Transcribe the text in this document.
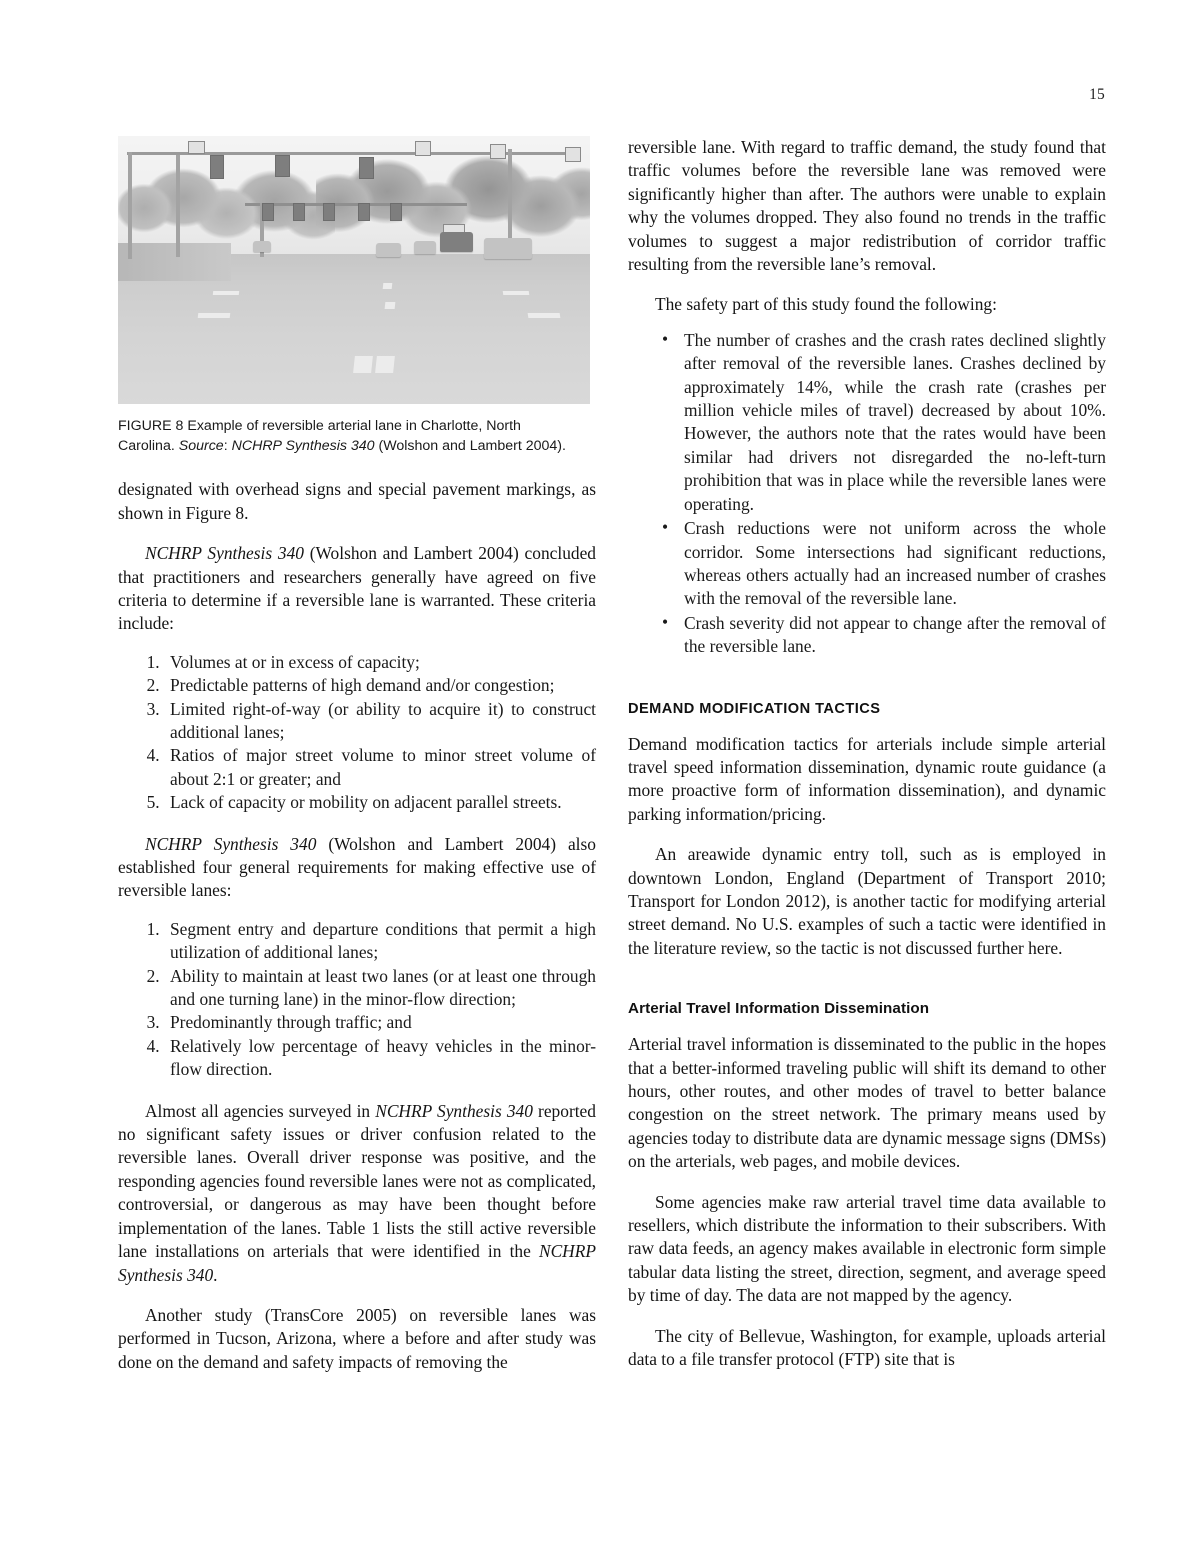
15
FIGURE 8 Example of reversible arterial lane in Charlotte, North Carolina. Source: NCHRP Synthesis 340 (Wolshon and Lambert 2004).

designated with overhead signs and special pavement markings, as shown in Figure 8.

NCHRP Synthesis 340 (Wolshon and Lambert 2004) concluded that practitioners and researchers generally have agreed on five criteria to determine if a reversible lane is warranted. These criteria include:

1. Volumes at or in excess of capacity;
2. Predictable patterns of high demand and/or congestion;
3. Limited right-of-way (or ability to acquire it) to construct additional lanes;
4. Ratios of major street volume to minor street volume of about 2:1 or greater; and
5. Lack of capacity or mobility on adjacent parallel streets.

NCHRP Synthesis 340 (Wolshon and Lambert 2004) also established four general requirements for making effective use of reversible lanes:

1. Segment entry and departure conditions that permit a high utilization of additional lanes;
2. Ability to maintain at least two lanes (or at least one through and one turning lane) in the minor-flow direction;
3. Predominantly through traffic; and
4. Relatively low percentage of heavy vehicles in the minor-flow direction.

Almost all agencies surveyed in NCHRP Synthesis 340 reported no significant safety issues or driver confusion related to the reversible lanes. Overall driver response was positive, and the responding agencies found reversible lanes were not as complicated, controversial, or dangerous as may have been thought before implementation of the lanes. Table 1 lists the still active reversible lane installations on arterials that were identified in the NCHRP Synthesis 340.

Another study (TransCore 2005) on reversible lanes was performed in Tucson, Arizona, where a before and after study was done on the demand and safety impacts of removing the

reversible lane. With regard to traffic demand, the study found that traffic volumes before the reversible lane was removed were significantly higher than after. The authors were unable to explain why the volumes dropped. They also found no trends in the traffic volumes to suggest a major redistribution of corridor traffic resulting from the reversible lane’s removal.

The safety part of this study found the following:

• The number of crashes and the crash rates declined slightly after removal of the reversible lanes. Crashes declined by approximately 14%, while the crash rate (crashes per million vehicle miles of travel) decreased by about 10%. However, the authors note that the rates would have been similar had drivers not disregarded the no-left-turn prohibition that was in place while the reversible lanes were operating.
• Crash reductions were not uniform across the whole corridor. Some intersections had significant reductions, whereas others actually had an increased number of crashes with the removal of the reversible lane.
• Crash severity did not appear to change after the removal of the reversible lane.
DEMAND MODIFICATION TACTICS

Demand modification tactics for arterials include simple arterial travel speed information dissemination, dynamic route guidance (a more proactive form of information dissemination), and dynamic parking information/pricing.

An areawide dynamic entry toll, such as is employed in downtown London, England (Department of Transport 2010; Transport for London 2012), is another tactic for modifying arterial street demand. No U.S. examples of such a tactic were identified in the literature review, so the tactic is not discussed further here.

Arterial Travel Information Dissemination

Arterial travel information is disseminated to the public in the hopes that a better-informed traveling public will shift its demand to other hours, other routes, and other modes of travel to better balance congestion on the street network. The primary means used by agencies today to distribute data are dynamic message signs (DMSs) on the arterials, web pages, and mobile devices.

Some agencies make raw arterial travel time data available to resellers, which distribute the information to their subscribers. With raw data feeds, an agency makes available in electronic form simple tabular data listing the street, direction, segment, and average speed by time of day. The data are not mapped by the agency.

The city of Bellevue, Washington, for example, uploads arterial data to a file transfer protocol (FTP) site that is
